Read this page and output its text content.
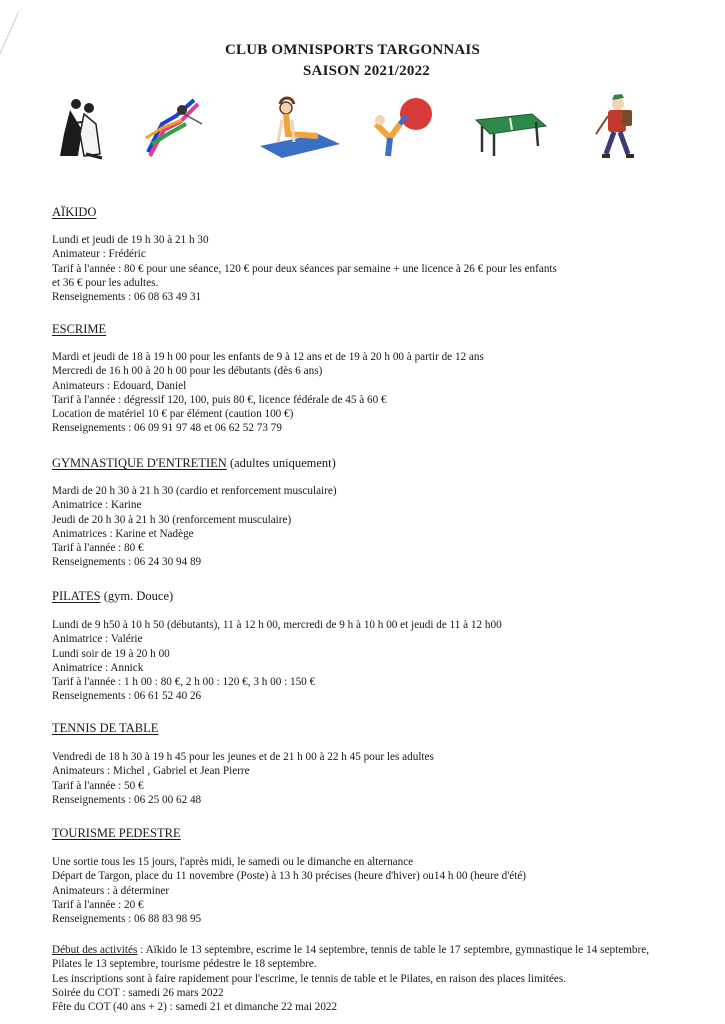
CLUB OMNISPORTS TARGONNAIS
SAISON 2021/2022
AÏKIDO
Lundi et jeudi de 19 h 30 à 21 h 30
Animateur : Frédéric
Tarif à l'année : 80 € pour une séance, 120 € pour deux séances par semaine + une licence à 26 € pour les enfants
et 36 € pour les adultes.
Renseignements : 06 08 63 49 31
ESCRIME
Mardi et jeudi de 18 à 19 h 00 pour les enfants de 9 à 12 ans et de 19 à 20 h 00 à partir de 12 ans
Mercredi de 16 h 00 à 20 h 00 pour les débutants (dès 6 ans)
Animateurs : Edouard, Daniel
Tarif à l'année : dégressif 120, 100, puis 80 €, licence fédérale de 45 à 60 €
Location de matériel 10 € par élément (caution 100 €)
Renseignements : 06 09 91 97 48 et 06 62 52 73 79
GYMNASTIQUE D'ENTRETIEN (adultes uniquement)
Mardi de 20 h 30 à 21 h 30 (cardio et renforcement musculaire)
Animatrice : Karine
Jeudi de 20 h 30 à 21 h 30 (renforcement musculaire)
Animatrices : Karine et Nadège
Tarif à l'année : 80 €
Renseignements : 06 24 30 94 89
PILATES (gym. Douce)
Lundi de 9 h50 à 10 h 50 (débutants), 11 à 12 h 00, mercredi de 9 h à 10 h 00 et jeudi de 11 à 12 h00
Animatrice : Valérie
Lundi soir de 19 à 20 h 00
Animatrice : Annick
Tarif à l'année : 1 h 00 : 80 €, 2 h 00 : 120 €, 3 h 00 : 150 €
Renseignements : 06 61 52 40 26
TENNIS DE TABLE
Vendredi de 18 h 30 à 19 h 45 pour les jeunes et de 21 h 00 à 22 h 45 pour les adultes
Animateurs : Michel , Gabriel et Jean Pierre
Tarif à l'année : 50 €
Renseignements : 06 25 00 62 48
TOURISME PEDESTRE
Une sortie tous les 15 jours, l'après midi, le samedi ou le dimanche en alternance
Départ de Targon, place du 11 novembre (Poste) à 13 h 30 précises (heure d'hiver) ou14 h 00 (heure d'été)
Animateurs : à déterminer
Tarif à l'année : 20 €
Renseignements : 06 88 83 98 95
Début des activités : Aïkido le 13 septembre, escrime le 14 septembre, tennis de table le 17 septembre, gymnastique le 14 septembre, Pilates le 13 septembre, tourisme pédestre le 18 septembre.
Les inscriptions sont à faire rapidement pour l'escrime, le tennis de table et le Pilates, en raison des places limitées.
Soirée du COT : samedi 26 mars 2022
Fête du COT (40 ans + 2) : samedi 21 et dimanche 22 mai 2022
